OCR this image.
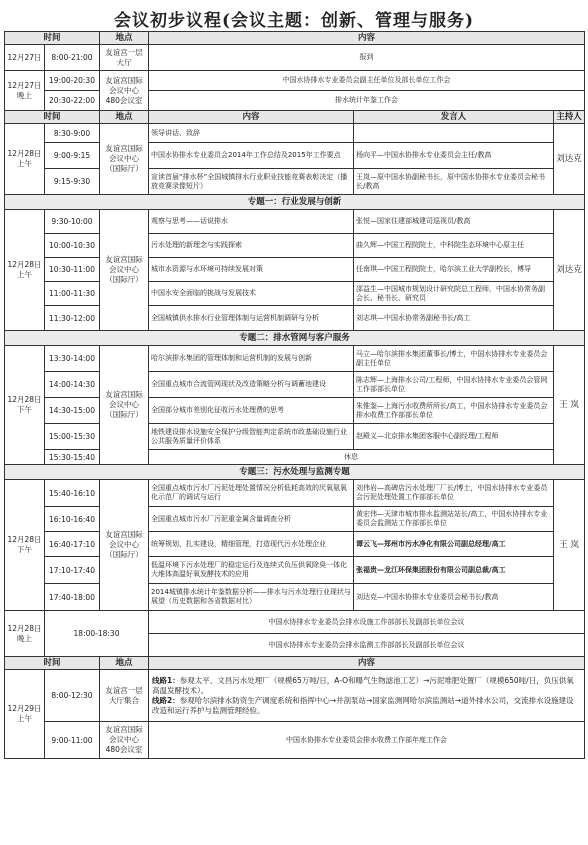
会议初步议程(会议主题：创新、管理与服务)
时间		地点	内容		
12月27日	8:00-21:00	友谊宫一层大厅	报到		
12月27日晚上	19:00-20:30	友谊宫国际会议中心480会议室	中国水协排水专业委员会副主任单位及部长单位工作会		
	20:30-22:00		排水统计年鉴工作会		
时间		地点	内容	发言人	主持人
12月28日上午	8:30-9:00	友谊宫国际会议中心（国际厅）	领导讲话、致辞		刘达克
	9:00-9:15		中国水协排水专业委员会2014年工作总结及2015年工作要点	杨向平—中国水协排水专业委员会主任/教高	
	9:15-9:30		宣读首届“排水杯”全国城镇排水行业职业技能竞赛表彰决定（播放竞赛录像短片）	王岚—原中国水协副秘书长，原中国水协排水专业委员会秘书长/教高	
专题一：行业发展与创新					
12月28日上午	9:30-10:00	友谊宫国际会议中心（国际厅）	观察与思考——话说排水	张悦—国家住建部城建司巡视员/教高	刘达克
	10:00-10:30		污水处理的新理念与实践探索	曲久辉—中国工程院院士，中科院生态环境中心原主任	
	10:30-11:00		城市水资源与水环境可持续发展对策	任南琪—中国工程院院士，哈尔滨工业大学副校长，博导	
	11:00-11:30		中国水安全面临的挑战与发展技术	邵益生—中国城市规划设计研究院总工程师，中国水协常务副会长、秘书长，研究员	
	11:30-12:00		全国城镇供水排水行业管理体制与运营机制调研与分析	刘志琪—中国水协常务副秘书长/高工	
专题二：排水管网与客户服务					
12月28日下午	13:30-14:00	友谊宫国际会议中心（国际厅）	哈尔滨排水集团的管理体制和运营机制的发展与创新	马立—哈尔滨排水集团董事长/博士，中国水协排水专业委员会副主任单位	王 岚
	14:00-14:30		全国重点城市合流管网现状及改造策略分析与调蓄池建设	陈志辉—上海排水公司/工程师，中国水协排水专业委员会管网工作部部长单位	
	14:30-15:00		全国部分城市差别化征收污水处理费的思考	朱惟鉴—上海污水收费所所长/高工，中国水协排水专业委员会排水收费工作部部长单位	
	15:00-15:30		地铁建设排水设施安全保护分级智能判定系统市政基础设施行业公共服务质量评价体系	赵殿义—北京排水集团客服中心副经理/工程师	
	15:30-15:40		休息		
专题三：污水处理与监测专题					
12月28日下午	15:40-16:10	友谊宫国际会议中心（国际厅）	全国重点城市污水厂污泥处理处置情况分析低耗高效的厌氧氨氧化示范厂的调试与运行	刘伟岩—高碑店污水处理厂厂长/博士，中国水协排水专业委员会污泥处理处置工作部部长单位	王 岚
	16:10-16:40		全国重点城市污水厂污泥重金属含量调查分析	黄宏伟—天津市城市排水监测站站长/高工，中国水协排水专业委员会监测站工作部部长单位	
	16:40-17:10		统筹规划，扎实建设，精细管理，打造现代污水处理企业	谭云飞—郑州市污水净化有限公司副总经理/高工	
	17:10-17:40		低温环境下污水处理厂的稳定运行及连续式负压供氧除臭一体化大堆体高温好氧发酵技术的应用	张福贵—龙江环保集团股份有限公司副总裁/高工	
	17:40-18:00		2014城镇排水统计年鉴数据分析——排水与污水处理行业现状与展望（历史数据和各省数据对比）	刘达克—中国水协排水专业委员会秘书长/教高	
12月28日晚上	18:00-18:30		中国水协排水专业委员会排水设施工作部部长及副部长单位会议		
			中国水协排水专业委员会排水监测工作部部长及副部长单位会议		
时间		地点	内容		
12月29日上午	8:00-12:30	友谊宫一层大厅集合	线路1：参观太平、文昌污水处理厂（规模65万吨/日，A-O和曝气生物滤池工艺）→污泥堆肥处置厂（规模650吨/日，负压供氧高温发酵技术）。
线路2：参观哈尔滨排水防资生产调度系统和指挥中心→井剖泵站→国家监测网哈尔滨监测站→道外排水公司，交流排水设施建设改造和运行养护与监测管理经验。		

	9:00-11:00	友谊宫国际会议中心480会议室	中国水协排水专业委员会排水收费工作部年度工作会		
